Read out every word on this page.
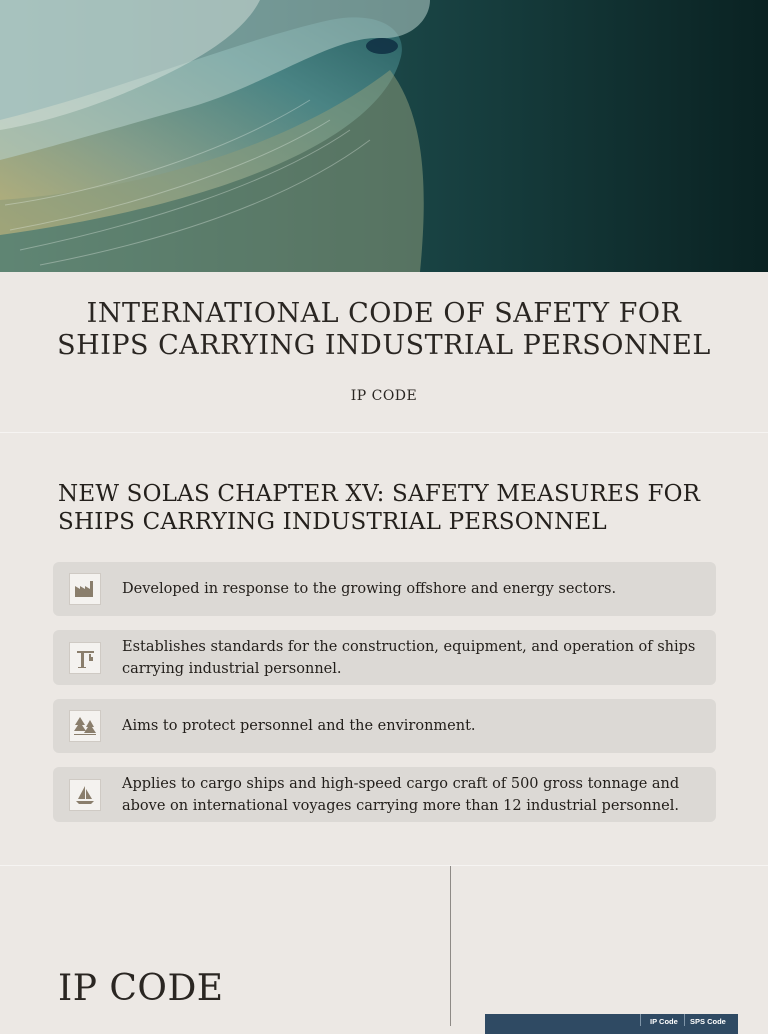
INTERNATIONAL CODE OF SAFETY FOR
SHIPS CARRYING INDUSTRIAL PERSONNEL
IP CODE
NEW SOLAS CHAPTER XV: SAFETY MEASURES FOR
SHIPS CARRYING INDUSTRIAL PERSONNEL
Developed in response to the growing offshore and energy sectors.
Establishes standards for the construction, equipment, and operation of ships carrying industrial personnel.
Aims to protect personnel and the environment.
Applies to cargo ships and high-speed cargo craft of 500 gross tonnage and above on international voyages carrying more than 12 industrial personnel.
IP CODE
IP Code SPS Code
